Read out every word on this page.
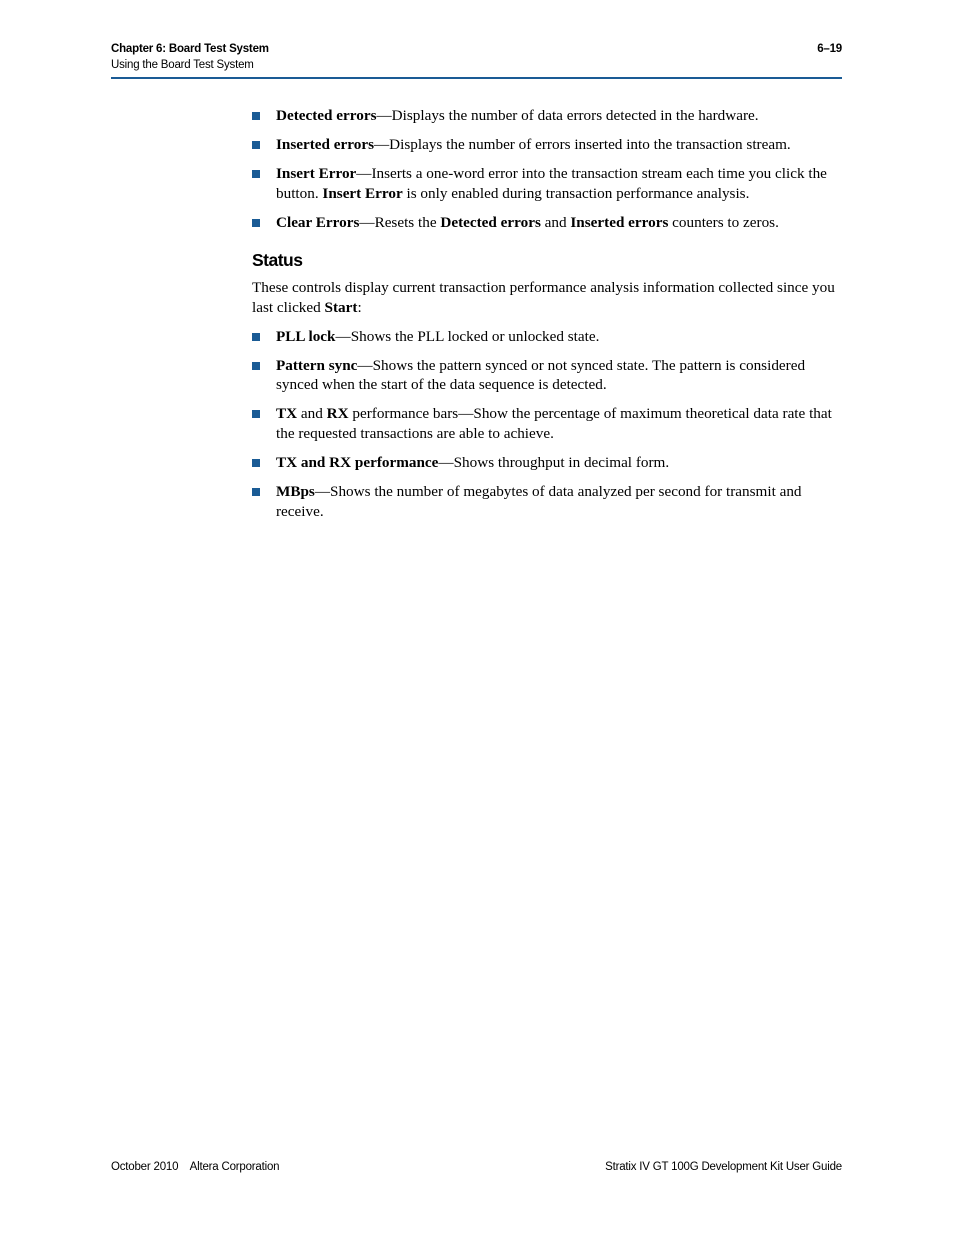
Chapter 6: Board Test System
Using the Board Test System
6–19
Detected errors—Displays the number of data errors detected in the hardware.
Inserted errors—Displays the number of errors inserted into the transaction stream.
Insert Error—Inserts a one-word error into the transaction stream each time you click the button. Insert Error is only enabled during transaction performance analysis.
Clear Errors—Resets the Detected errors and Inserted errors counters to zeros.
Status

These controls display current transaction performance analysis information collected since you last clicked Start:

PLL lock—Shows the PLL locked or unlocked state.
Pattern sync—Shows the pattern synced or not synced state. The pattern is considered synced when the start of the data sequence is detected.
TX and RX performance bars—Show the percentage of maximum theoretical data rate that the requested transactions are able to achieve.
TX and RX performance—Shows throughput in decimal form.
MBps—Shows the number of megabytes of data analyzed per second for transmit and receive.
October 2010    Altera Corporation	Stratix IV GT 100G Development Kit User Guide
